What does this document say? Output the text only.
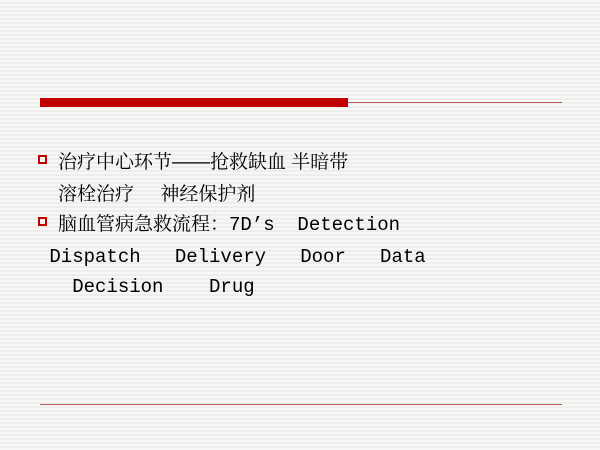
治疗中心环节——抢救缺血 半暗带
溶栓治疗     神经保护剂
脑血管病急救流程：7D’s  Detection
Dispatch   Delivery   Door   Data
Decision    Drug
